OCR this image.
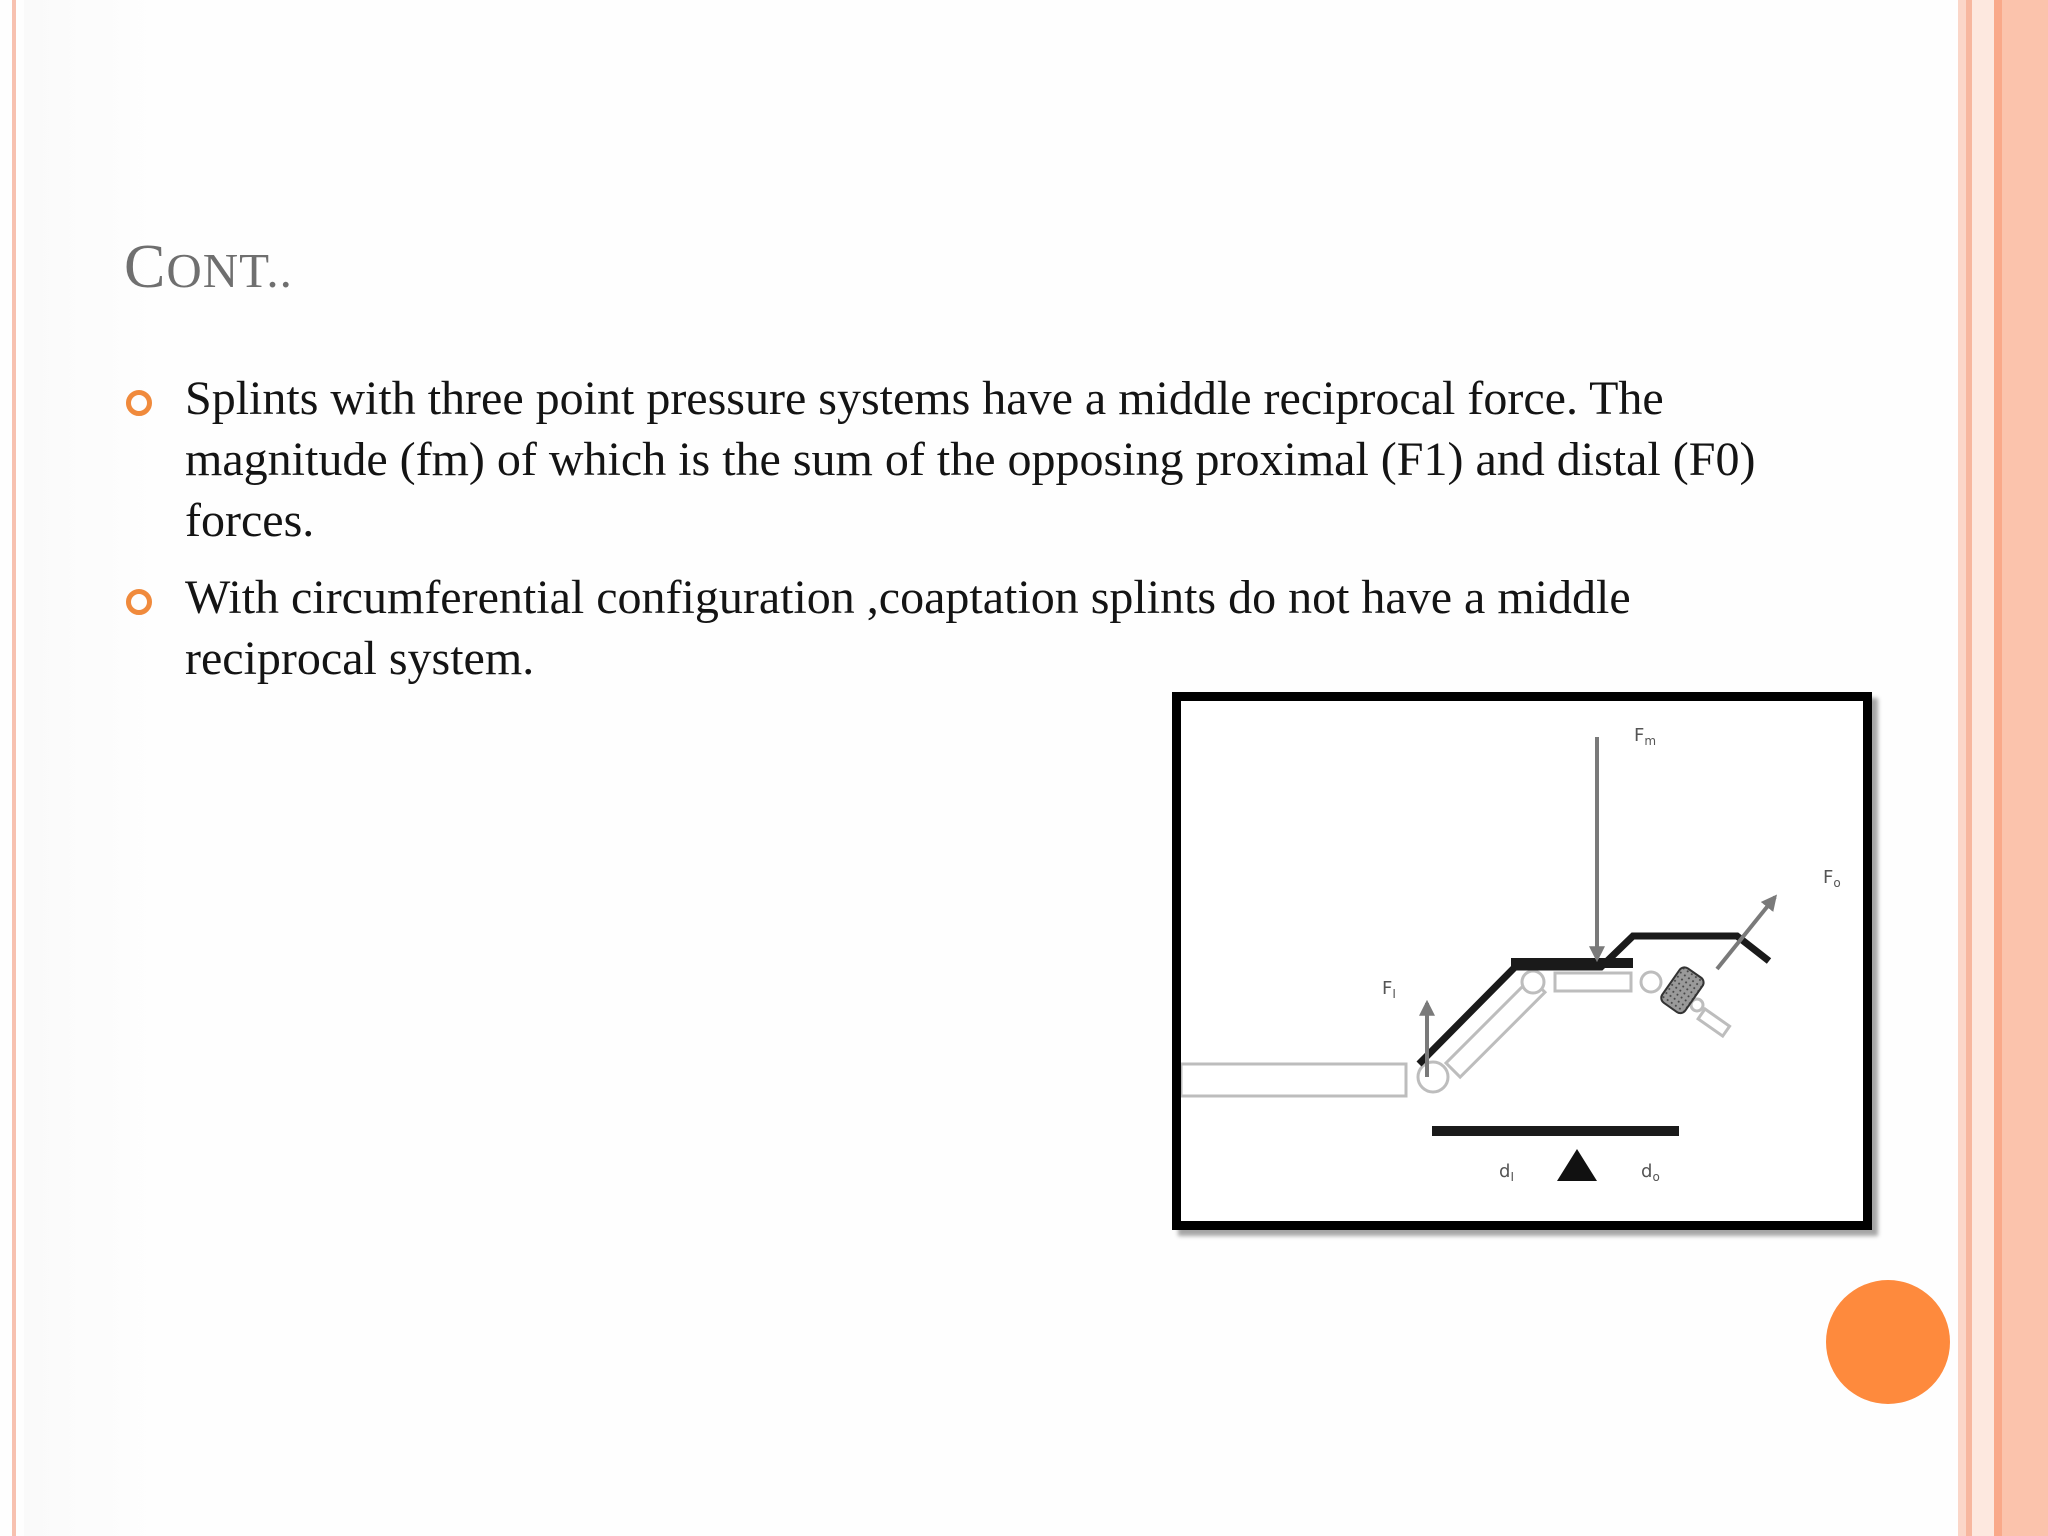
CONT..
Splints with three point pressure systems have a middle reciprocal force. The magnitude (fm) of which is the sum of the opposing proximal (F1) and distal (F0) forces.
With circumferential configuration ,coaptation splints do not have a middle reciprocal system.
$F_m$
$F_o$
$F_I$
$d_I$	$d_o$
